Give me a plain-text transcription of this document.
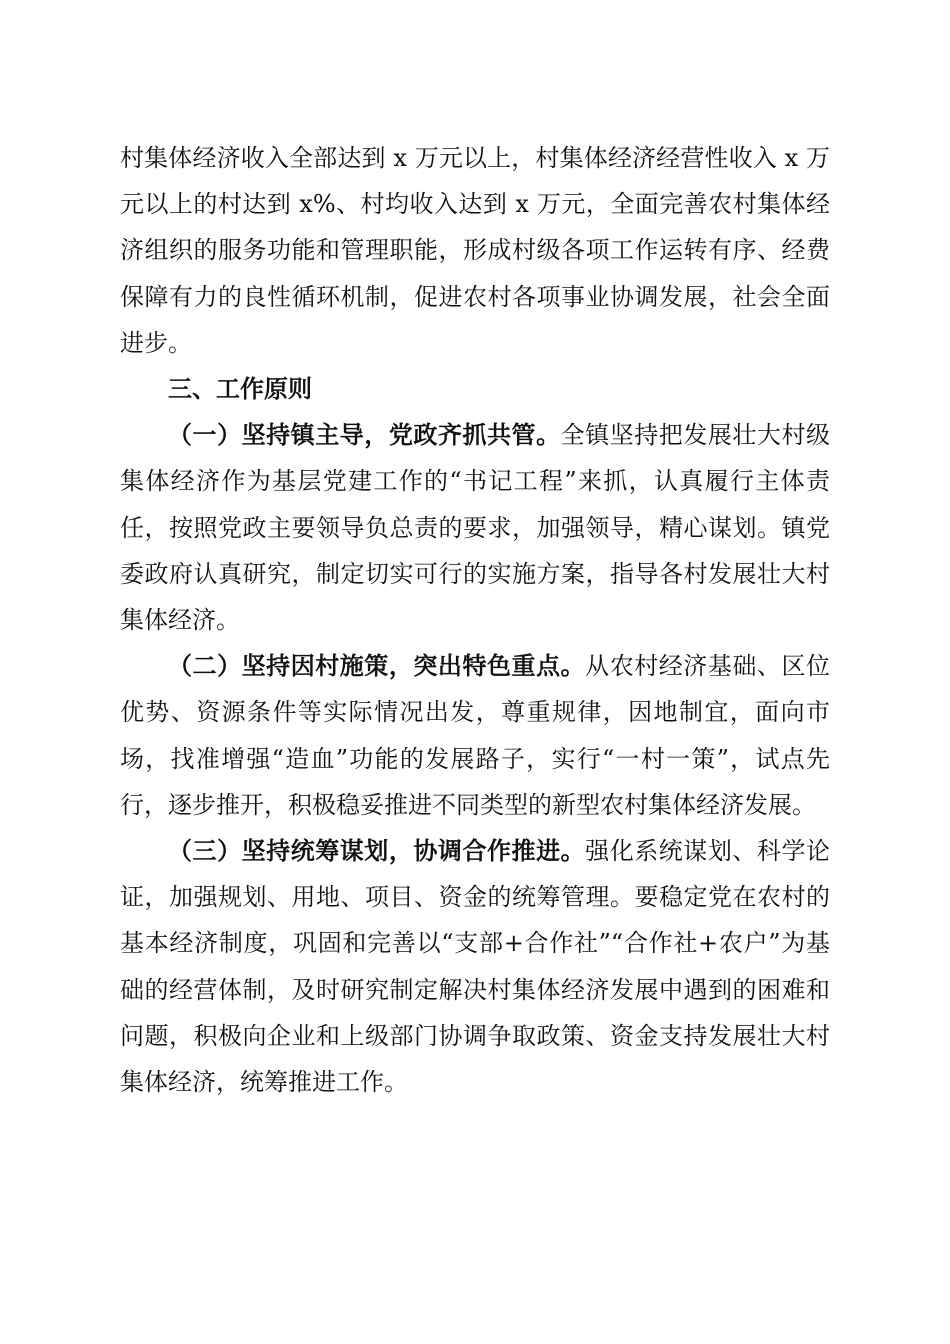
村集体经济收入全部达到 x 万元以上，村集体经济经营性收入 x 万元以上的村达到 x%、村均收入达到 x 万元，全面完善农村集体经济组织的服务功能和管理职能，形成村级各项工作运转有序、经费保障有力的良性循环机制，促进农村各项事业协调发展，社会全面进步。

三、工作原则

（一）坚持镇主导，党政齐抓共管。全镇坚持把发展壮大村级集体经济作为基层党建工作的“书记工程”来抓，认真履行主体责任，按照党政主要领导负总责的要求，加强领导，精心谋划。镇党委政府认真研究，制定切实可行的实施方案，指导各村发展壮大村集体经济。

（二）坚持因村施策，突出特色重点。从农村经济基础、区位优势、资源条件等实际情况出发，尊重规律，因地制宜，面向市场，找准增强“造血”功能的发展路子，实行“一村一策”，试点先行，逐步推开，积极稳妥推进不同类型的新型农村集体经济发展。

（三）坚持统筹谋划，协调合作推进。强化系统谋划、科学论证，加强规划、用地、项目、资金的统筹管理。要稳定党在农村的基本经济制度，巩固和完善以“支部+合作社”“合作社+农户”为基础的经营体制，及时研究制定解决村集体经济发展中遇到的困难和问题，积极向企业和上级部门协调争取政策、资金支持发展壮大村集体经济，统筹推进工作。
